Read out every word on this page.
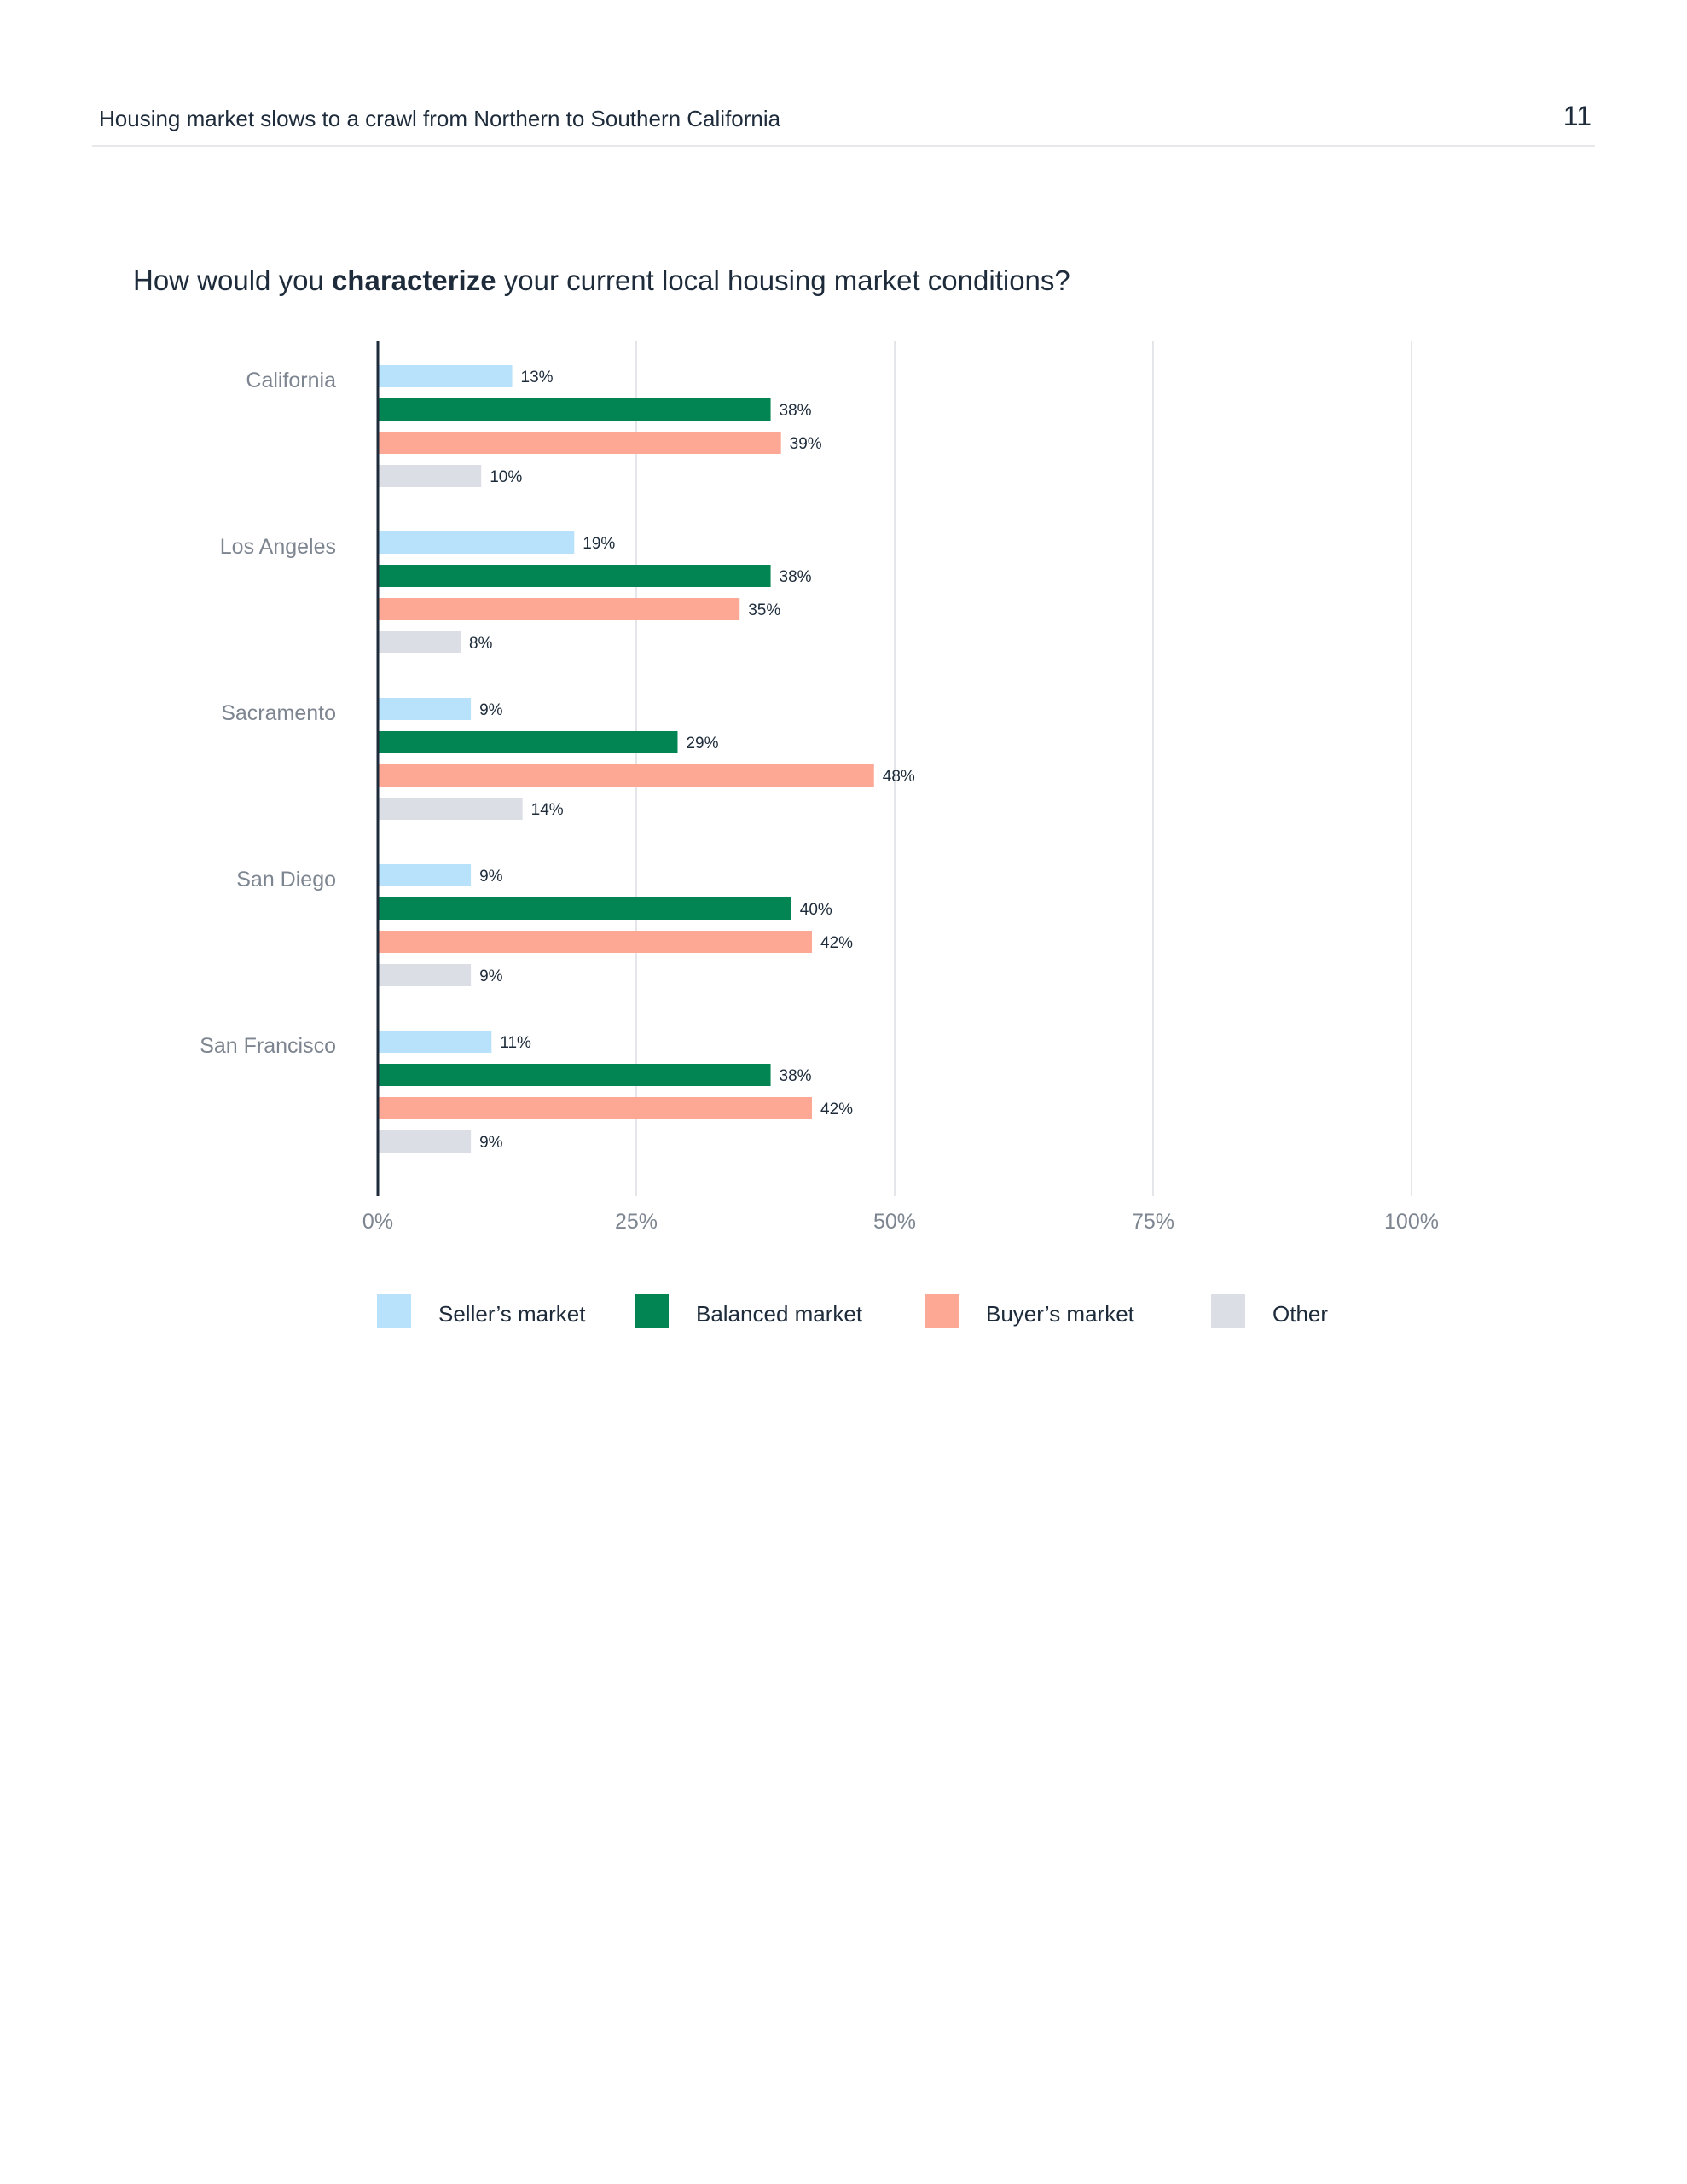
Housing market slows to a crawl from Northern to Southern California	11
How would you characterize your current local housing market conditions?
13%
38%
39%
10%
19%
38%
35%
8%
9%
29%
48%
14%
9%
40%
42%
9%
11%
38%
42%
9%
California
Los Angeles
Sacramento
San Diego
San Francisco
0%	25%	50%	75%	100%
Seller’s market	Balanced market	Buyer’s market	Other
